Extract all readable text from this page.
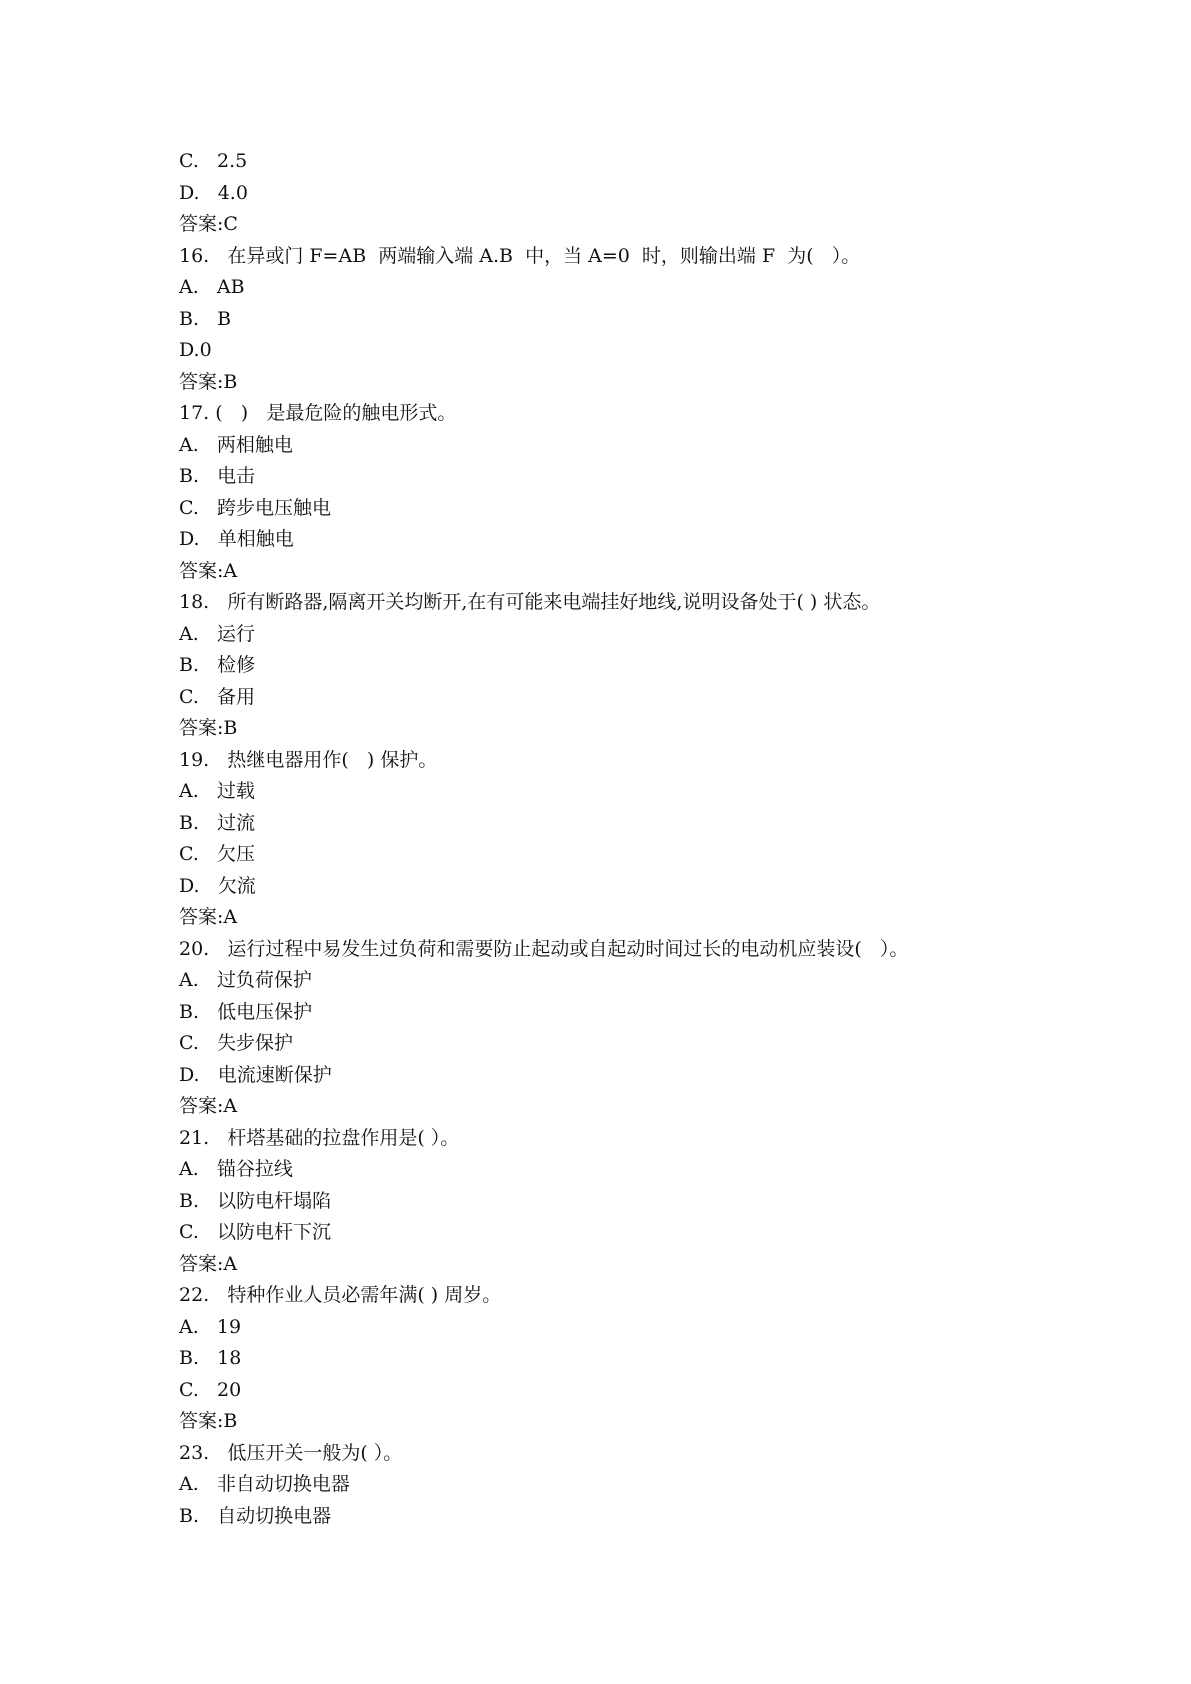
C.   2.5
D.   4.0
答案:C
16.   在异或门 F=AB  两端输入端 A.B  中，当 A=0  时，则输出端 F  为(   ）。
A.   AB
B.   B
D.0
答案:B
17. (   )   是最危险的触电形式。
A.   两相触电
B.   电击
C.   跨步电压触电
D.   单相触电
答案:A
18.   所有断路器,隔离开关均断开,在有可能来电端挂好地线,说明设备处于( ) 状态。
A.   运行
B.   检修
C.   备用
答案:B
19.   热继电器用作(   ) 保护。
A.   过载
B.   过流
C.   欠压
D.   欠流
答案:A
20.   运行过程中易发生过负荷和需要防止起动或自起动时间过长的电动机应装设(   ）。
A.   过负荷保护
B.   低电压保护
C.   失步保护
D.   电流速断保护
答案:A
21.   杆塔基础的拉盘作用是( ）。
A.   锚谷拉线
B.   以防电杆塌陷
C.   以防电杆下沉
答案:A
22.   特种作业人员必需年满( ) 周岁。
A.   19
B.   18
C.   20
答案:B
23.   低压开关一般为( ）。
A.   非自动切换电器
B.   自动切换电器
